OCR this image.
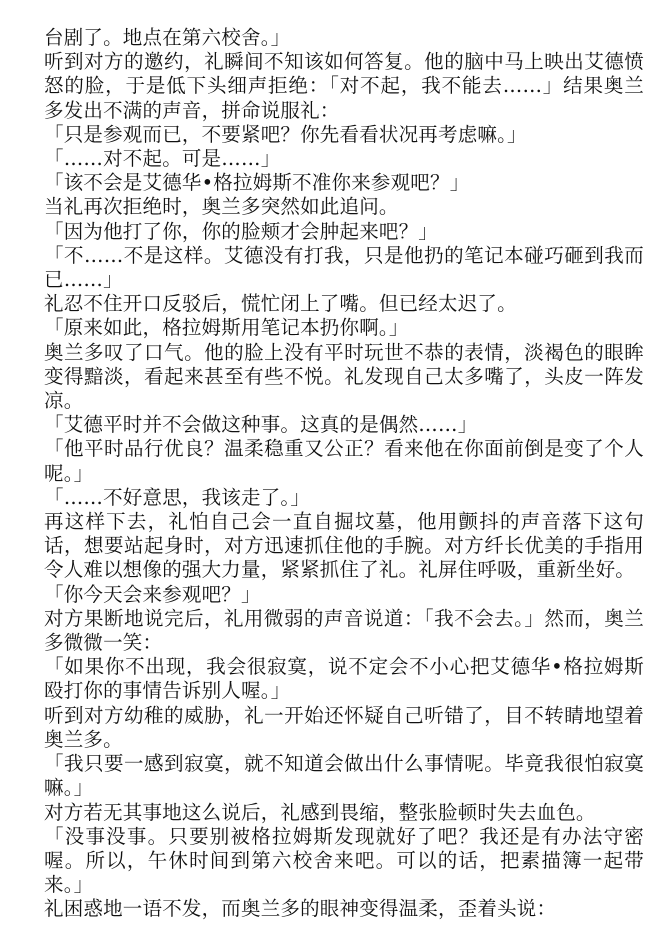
台剧了。地点在第六校舍。」

听到对方的邀约，礼瞬间不知该如何答复。他的脑中马上映出艾德愤怒的脸，于是低下头细声拒绝：「对不起，我不能去……」结果奥兰多发出不满的声音，拼命说服礼：

「只是参观而已，不要紧吧？你先看看状况再考虑嘛。」

「……对不起。可是……」

「该不会是艾德华•格拉姆斯不准你来参观吧？」

当礼再次拒绝时，奥兰多突然如此追问。

「因为他打了你，你的脸颊才会肿起来吧？」

「不……不是这样。艾德没有打我，只是他扔的笔记本碰巧砸到我而已……」

礼忍不住开口反驳后，慌忙闭上了嘴。但已经太迟了。

「原来如此，格拉姆斯用笔记本扔你啊。」

奥兰多叹了口气。他的脸上没有平时玩世不恭的表情，淡褐色的眼眸变得黯淡，看起来甚至有些不悦。礼发现自己太多嘴了，头皮一阵发凉。

「艾德平时并不会做这种事。这真的是偶然……」

「他平时品行优良？温柔稳重又公正？看来他在你面前倒是变了个人呢。」

「……不好意思，我该走了。」

再这样下去，礼怕自己会一直自掘坟墓，他用颤抖的声音落下这句话，想要站起身时，对方迅速抓住他的手腕。对方纤长优美的手指用令人难以想像的强大力量，紧紧抓住了礼。礼屏住呼吸，重新坐好。

「你今天会来参观吧？」

对方果断地说完后，礼用微弱的声音说道：「我不会去。」然而，奥兰多微微一笑：

「如果你不出现，我会很寂寞，说不定会不小心把艾德华•格拉姆斯殴打你的事情告诉别人喔。」

听到对方幼稚的威胁，礼一开始还怀疑自己听错了，目不转睛地望着奥兰多。

「我只要一感到寂寞，就不知道会做出什么事情呢。毕竟我很怕寂寞嘛。」

对方若无其事地这么说后，礼感到畏缩，整张脸顿时失去血色。

「没事没事。只要别被格拉姆斯发现就好了吧？我还是有办法守密喔。所以，午休时间到第六校舍来吧。可以的话，把素描簿一起带来。」

礼困惑地一语不发，而奥兰多的眼神变得温柔，歪着头说：
